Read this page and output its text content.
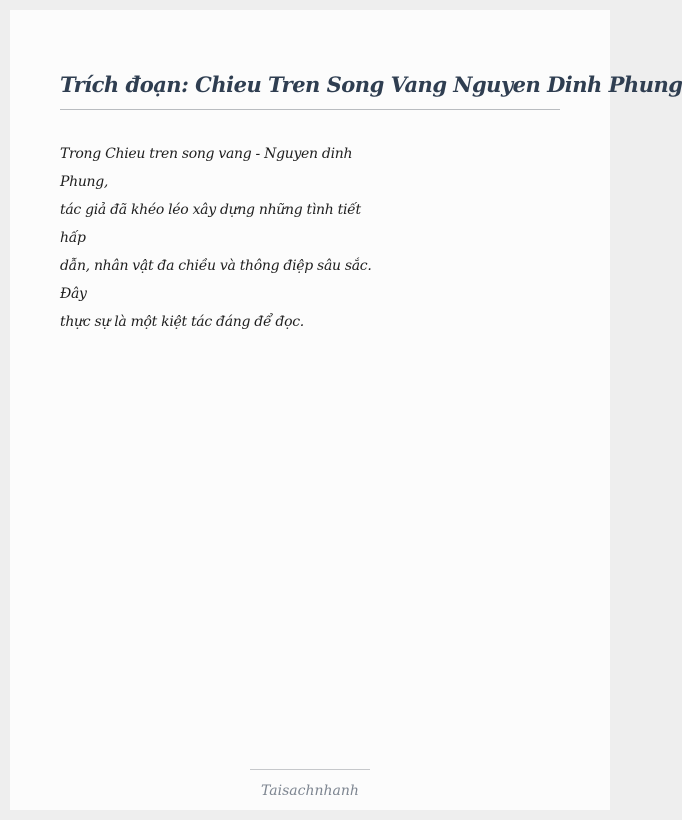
Trích đoạn: Chieu Tren Song Vang Nguyen Dinh Phung
Trong Chieu tren song vang - Nguyen dinh
Phung,
tác giả đã khéo léo xây dựng những tình tiết
hấp
dẫn, nhân vật đa chiều và thông điệp sâu sắc.
Đây
thực sự là một kiệt tác đáng để đọc.
Taisachnhanh
